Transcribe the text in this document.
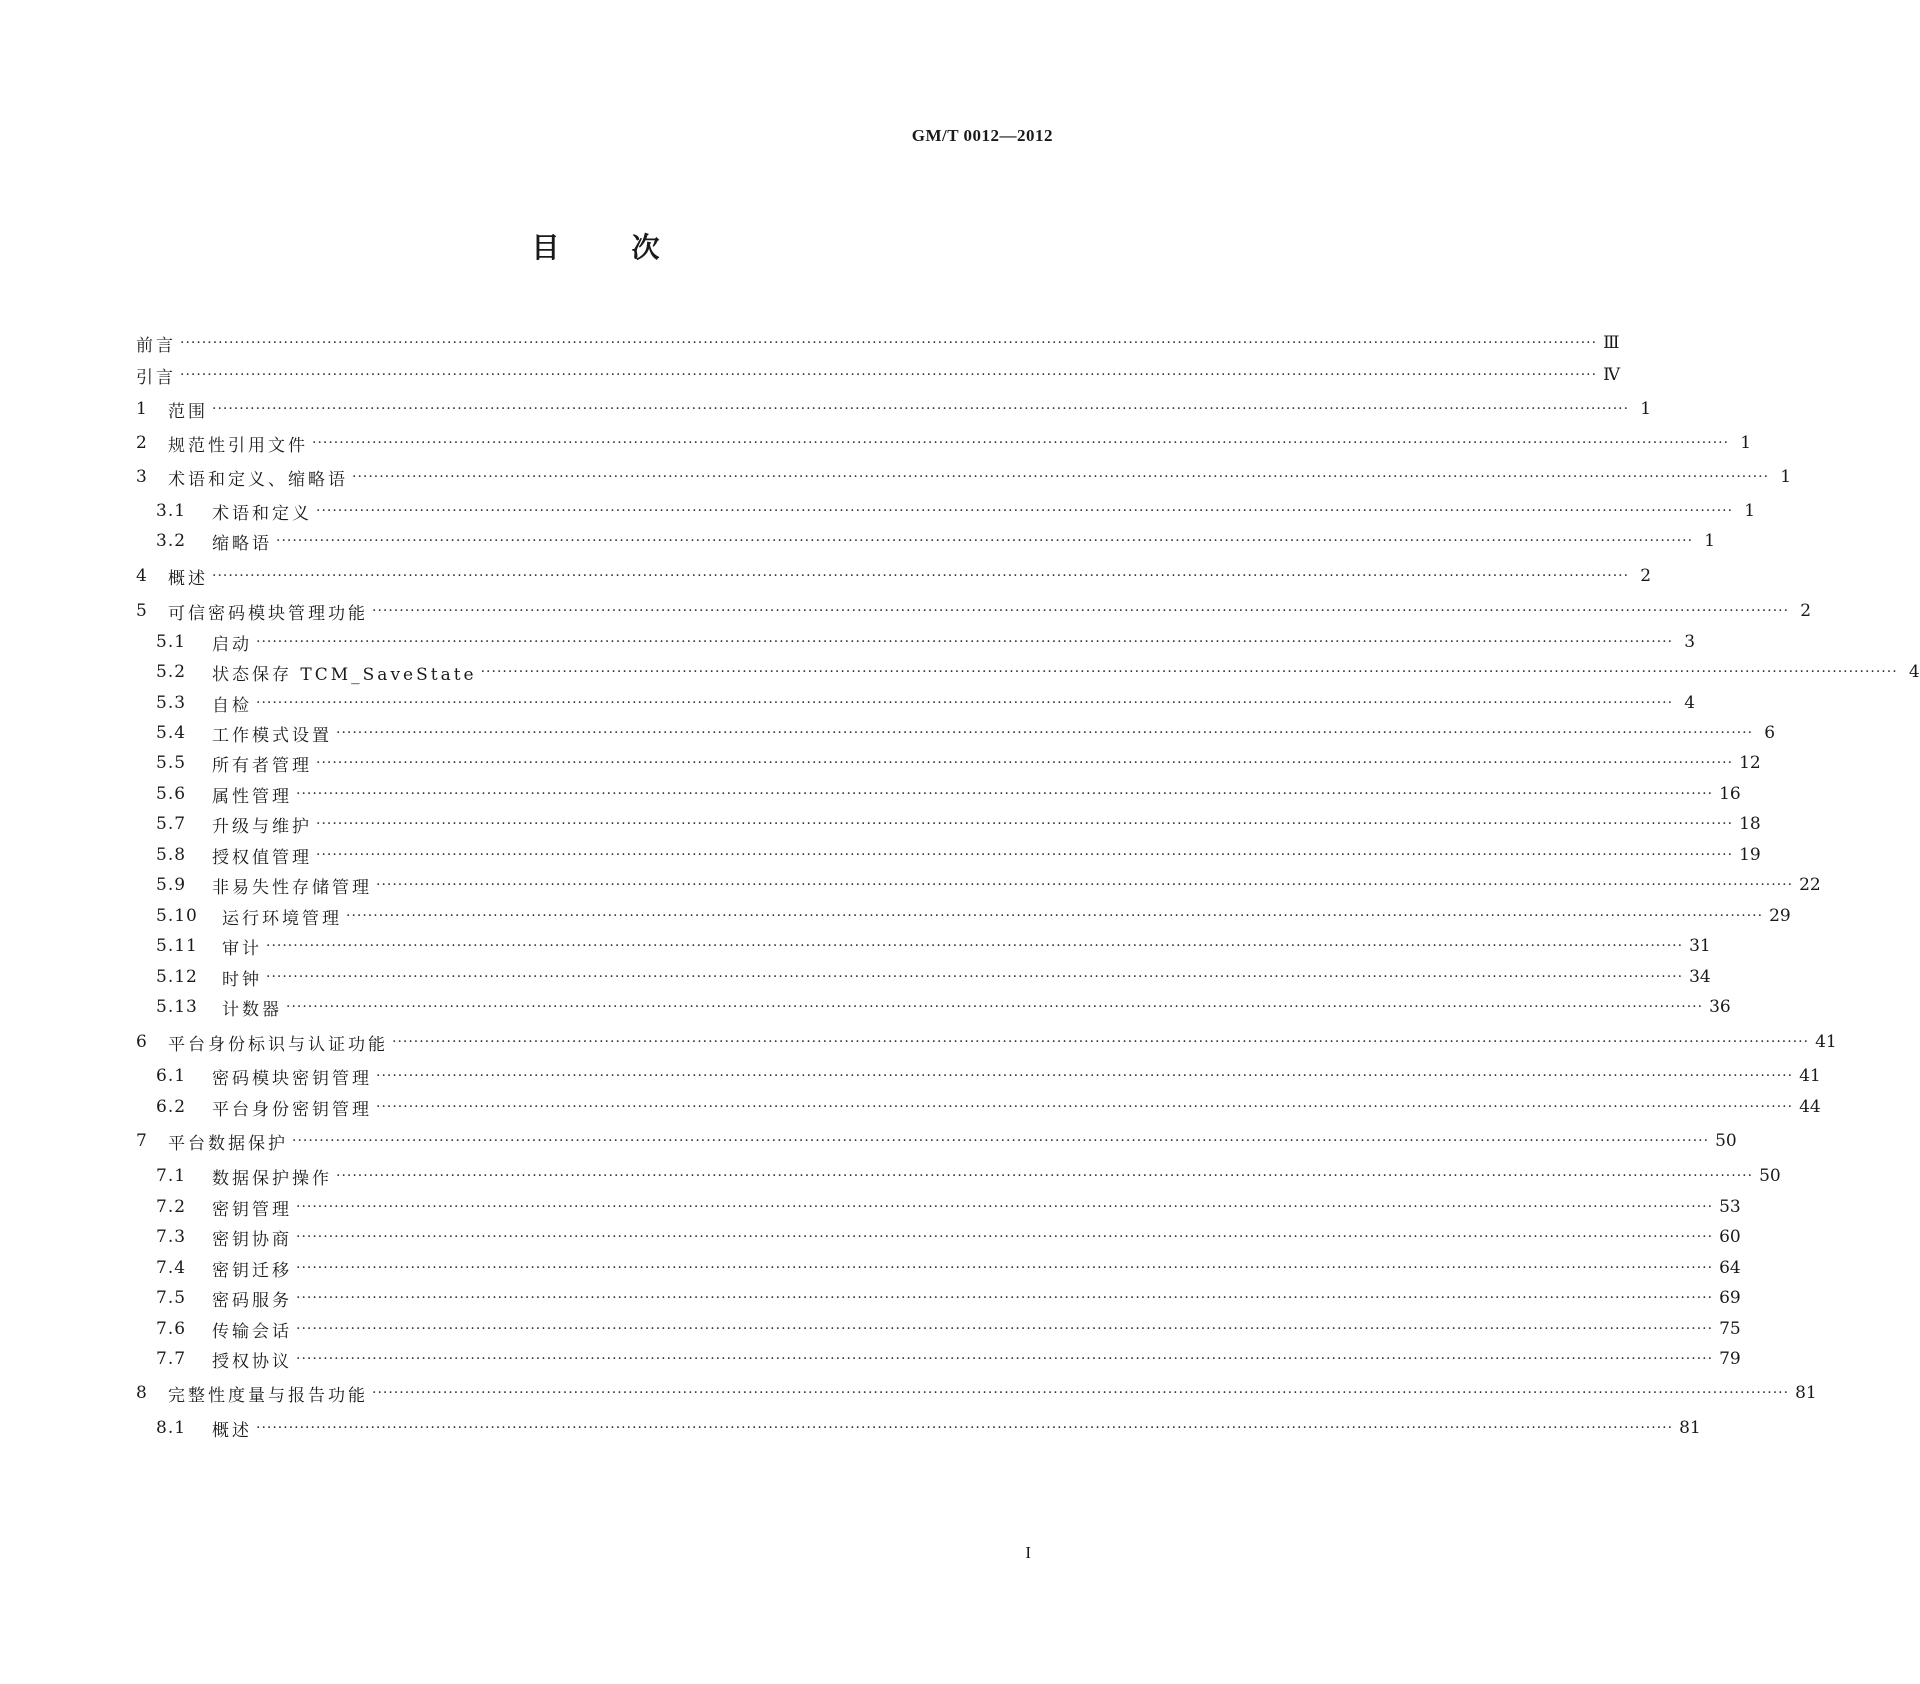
GM/T 0012—2012
目	次
前言 ···································································································································································································································································· Ⅲ
引言 ···································································································································································································································································· Ⅳ
1	范围 ···································································································································································································································································· 1
2	规范性引用文件 ···································································································································································································································································· 1
3	术语和定义、缩略语 ···································································································································································································································································· 1
3.1	术语和定义 ···································································································································································································································································· 1
3.2	缩略语 ···································································································································································································································································· 1
4	概述 ···································································································································································································································································· 2
5	可信密码模块管理功能 ···································································································································································································································································· 2
5.1	启动 ···································································································································································································································································· 3
5.2	状态保存 TCM_SaveState ···································································································································································································································································· 4
5.3	自检 ···································································································································································································································································· 4
5.4	工作模式设置 ···································································································································································································································································· 6
5.5	所有者管理 ···································································································································································································································································· 12
5.6	属性管理 ···································································································································································································································································· 16
5.7	升级与维护 ···································································································································································································································································· 18
5.8	授权值管理 ···································································································································································································································································· 19
5.9	非易失性存储管理 ···································································································································································································································································· 22
5.10	运行环境管理 ···································································································································································································································································· 29
5.11	审计 ···································································································································································································································································· 31
5.12	时钟 ···································································································································································································································································· 34
5.13	计数器 ···································································································································································································································································· 36
6	平台身份标识与认证功能 ···································································································································································································································································· 41
6.1	密码模块密钥管理 ···································································································································································································································································· 41
6.2	平台身份密钥管理 ···································································································································································································································································· 44
7	平台数据保护 ···································································································································································································································································· 50
7.1	数据保护操作 ···································································································································································································································································· 50
7.2	密钥管理 ···································································································································································································································································· 53
7.3	密钥协商 ···································································································································································································································································· 60
7.4	密钥迁移 ···································································································································································································································································· 64
7.5	密码服务 ···································································································································································································································································· 69
7.6	传输会话 ···································································································································································································································································· 75
7.7	授权协议 ···································································································································································································································································· 79
8	完整性度量与报告功能 ···································································································································································································································································· 81
8.1	概述 ···································································································································································································································································· 81
I
